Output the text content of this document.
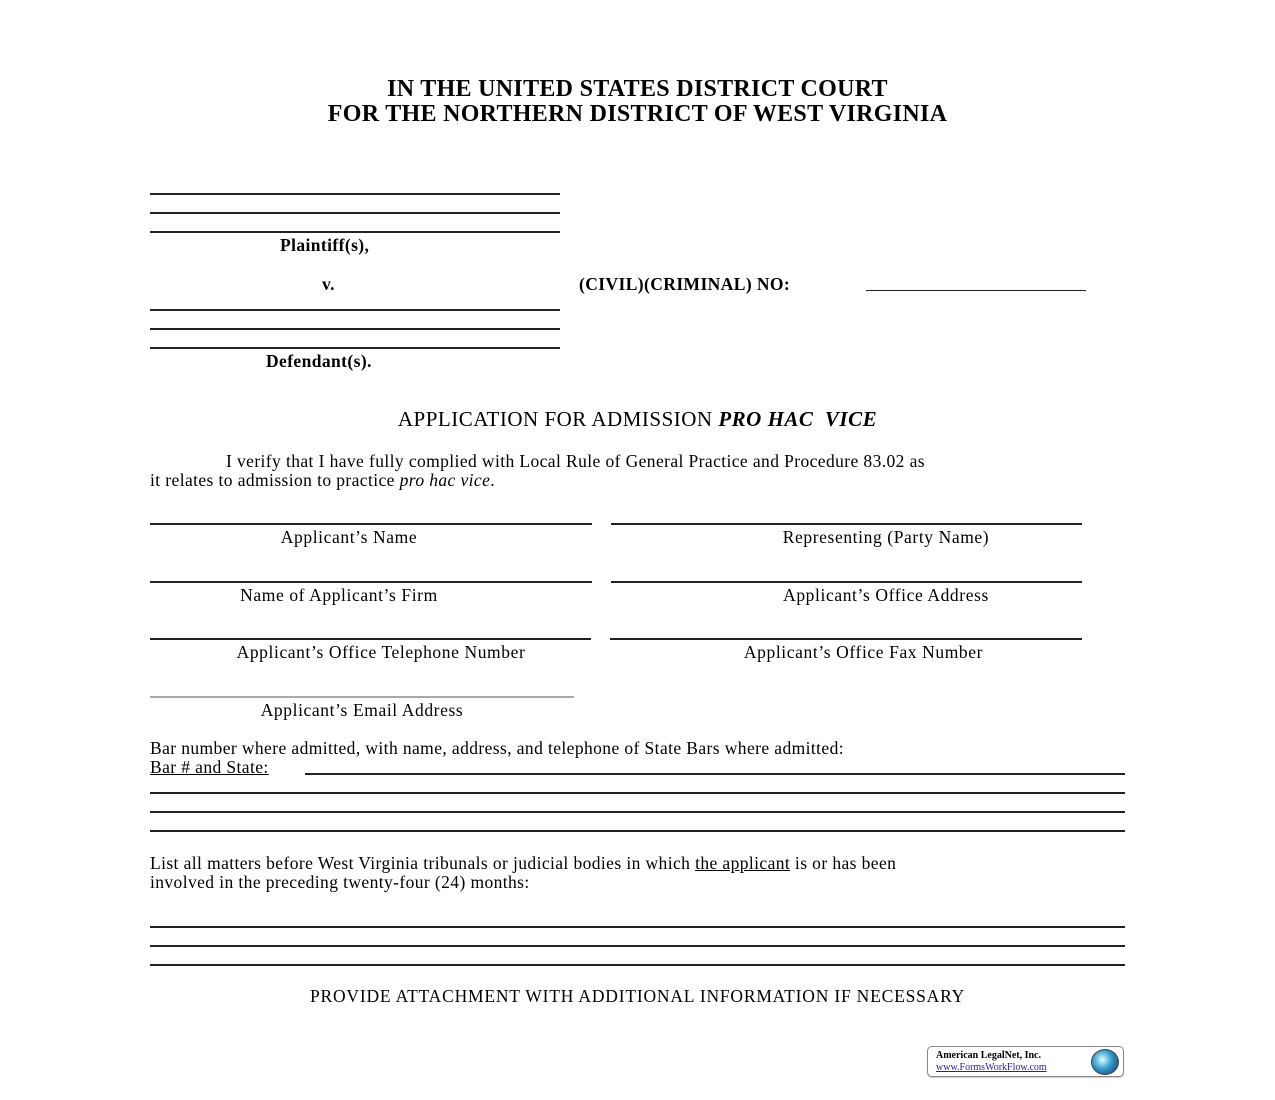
IN THE UNITED STATES DISTRICT COURT
FOR THE NORTHERN DISTRICT OF WEST VIRGINIA
Plaintiff(s),
v.	(CIVIL)(CRIMINAL) NO:
Defendant(s).
APPLICATION FOR ADMISSION PRO HAC  VICE
I verify that I have fully complied with Local Rule of General Practice and Procedure 83.02 as
it relates to admission to practice pro hac vice.
Applicant’s Name	Representing (Party Name)
Name of Applicant’s Firm	Applicant’s Office Address
Applicant’s Office Telephone Number	Applicant’s Office Fax Number
Applicant’s Email Address
Bar number where admitted, with name, address, and telephone of State Bars where admitted:
Bar # and State:
List all matters before West Virginia tribunals or judicial bodies in which the applicant is or has been
involved in the preceding twenty-four (24) months:
PROVIDE ATTACHMENT WITH ADDITIONAL INFORMATION IF NECESSARY
American LegalNet, Inc.
www.FormsWorkFlow.com
